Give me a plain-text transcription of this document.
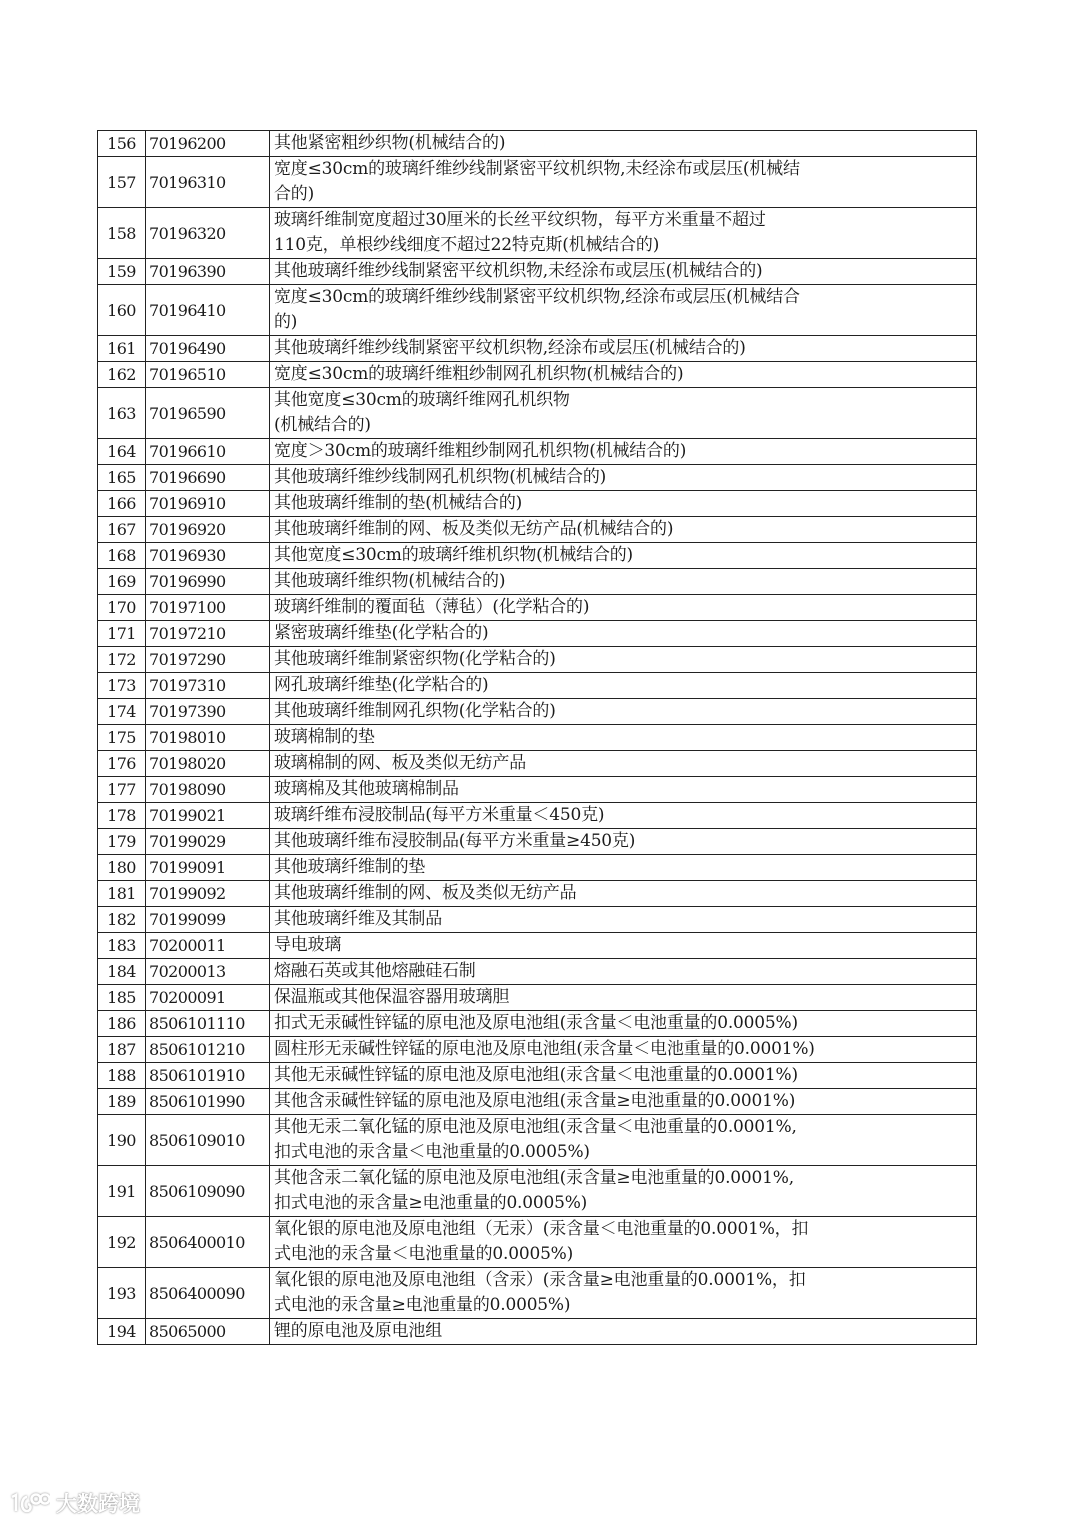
156	70196200	其他紧密粗纱织物(机械结合的)

157	70196310	宽度≤30cm的玻璃纤维纱线制紧密平纹机织物,未经涂布或层压(机械结
合的)

158	70196320	玻璃纤维制宽度超过30厘米的长丝平纹织物，每平方米重量不超过
110克，单根纱线细度不超过22特克斯(机械结合的)

159	70196390	其他玻璃纤维纱线制紧密平纹机织物,未经涂布或层压(机械结合的)

160	70196410	宽度≤30cm的玻璃纤维纱线制紧密平纹机织物,经涂布或层压(机械结合
的)

161	70196490	其他玻璃纤维纱线制紧密平纹机织物,经涂布或层压(机械结合的)

162	70196510	宽度≤30cm的玻璃纤维粗纱制网孔机织物(机械结合的)

163	70196590	其他宽度≤30cm的玻璃纤维网孔机织物
(机械结合的)

164	70196610	宽度＞30cm的玻璃纤维粗纱制网孔机织物(机械结合的)

165	70196690	其他玻璃纤维纱线制网孔机织物(机械结合的)

166	70196910	其他玻璃纤维制的垫(机械结合的)

167	70196920	其他玻璃纤维制的网、板及类似无纺产品(机械结合的)

168	70196930	其他宽度≤30cm的玻璃纤维机织物(机械结合的)

169	70196990	其他玻璃纤维织物(机械结合的)

170	70197100	玻璃纤维制的覆面毡（薄毡）(化学粘合的)

171	70197210	紧密玻璃纤维垫(化学粘合的)

172	70197290	其他玻璃纤维制紧密织物(化学粘合的)

173	70197310	网孔玻璃纤维垫(化学粘合的)

174	70197390	其他玻璃纤维制网孔织物(化学粘合的)

175	70198010	玻璃棉制的垫

176	70198020	玻璃棉制的网、板及类似无纺产品

177	70198090	玻璃棉及其他玻璃棉制品

178	70199021	玻璃纤维布浸胶制品(每平方米重量＜450克)

179	70199029	其他玻璃纤维布浸胶制品(每平方米重量≥450克)

180	70199091	其他玻璃纤维制的垫

181	70199092	其他玻璃纤维制的网、板及类似无纺产品

182	70199099	其他玻璃纤维及其制品

183	70200011	导电玻璃

184	70200013	熔融石英或其他熔融硅石制

185	70200091	保温瓶或其他保温容器用玻璃胆

186	8506101110	扣式无汞碱性锌锰的原电池及原电池组(汞含量＜电池重量的0.0005%)

187	8506101210	圆柱形无汞碱性锌锰的原电池及原电池组(汞含量＜电池重量的0.0001%)

188	8506101910	其他无汞碱性锌锰的原电池及原电池组(汞含量＜电池重量的0.0001%)

189	8506101990	其他含汞碱性锌锰的原电池及原电池组(汞含量≥电池重量的0.0001%)

190	8506109010	其他无汞二氧化锰的原电池及原电池组(汞含量＜电池重量的0.0001%,
扣式电池的汞含量＜电池重量的0.0005%)

191	8506109090	其他含汞二氧化锰的原电池及原电池组(汞含量≥电池重量的0.0001%,
扣式电池的汞含量≥电池重量的0.0005%)

192	8506400010	氧化银的原电池及原电池组（无汞）(汞含量＜电池重量的0.0001%，扣
式电池的汞含量＜电池重量的0.0005%)

193	8506400090	氧化银的原电池及原电池组（含汞）(汞含量≥电池重量的0.0001%，扣
式电池的汞含量≥电池重量的0.0005%)

194	85065000	锂的原电池及原电池组
大数跨境
